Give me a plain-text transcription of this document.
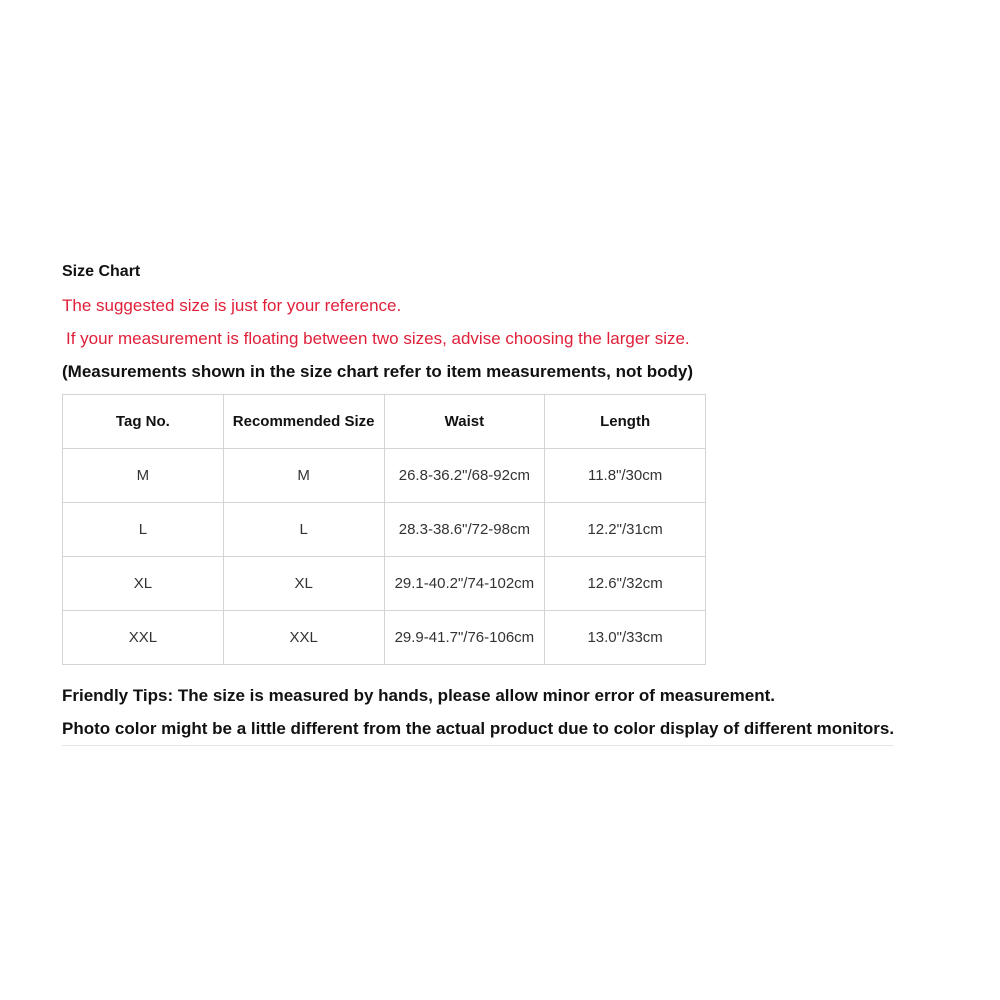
Size Chart
The suggested size is just for your reference.
If your measurement is floating between two sizes, advise choosing the larger size.
(Measurements shown in the size chart refer to item measurements, not body)
Tag No.	Recommended Size	Waist	Length
M	M	26.8-36.2"/68-92cm	11.8"/30cm
L	L	28.3-38.6"/72-98cm	12.2"/31cm
XL	XL	29.1-40.2"/74-102cm	12.6"/32cm
XXL	XXL	29.9-41.7"/76-106cm	13.0"/33cm
Friendly Tips: The size is measured by hands, please allow minor error of measurement.
Photo color might be a little different from the actual product due to color display of different monitors.
